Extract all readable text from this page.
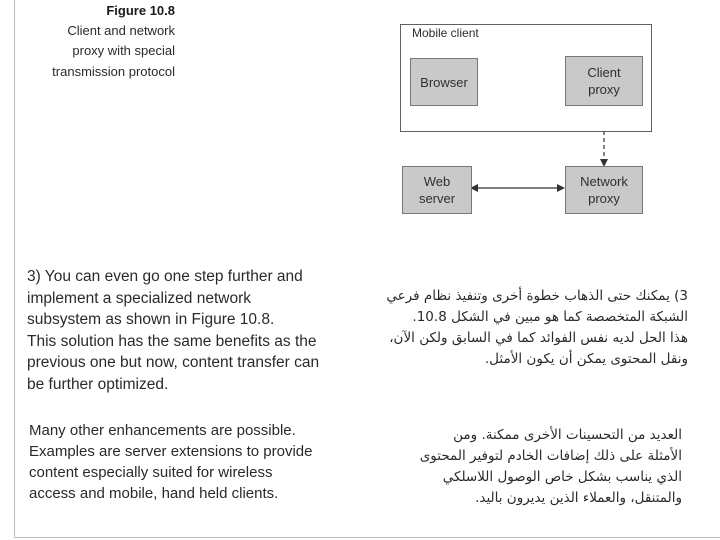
Figure 10.8
Client and network
proxy with special
transmission protocol
Mobile client
Browser
Client
proxy
Web
server
Network
proxy
3) You can even go one step further and
implement a specialized network
subsystem as shown in Figure 10.8.
This solution has the same benefits as the
previous one but now, content transfer can
be further optimized.
3) يمكنك حتى الذهاب خطوة أخرى وتنفيذ نظام فرعي
الشبكة المتخصصة كما هو مبين في الشكل 10.8.
هذا الحل لديه نفس الفوائد كما في السابق ولكن الآن،
ونقل المحتوى يمكن أن يكون الأمثل.
Many other enhancements are possible.
Examples are server extensions to provide
content especially suited for wireless
access and mobile, hand held clients.
العديد من التحسينات الأخرى ممكنة. ومن
الأمثلة على ذلك إضافات الخادم لتوفير المحتوى
الذي يناسب بشكل خاص الوصول اللاسلكي
والمتنقل، والعملاء الذين يديرون باليد.
